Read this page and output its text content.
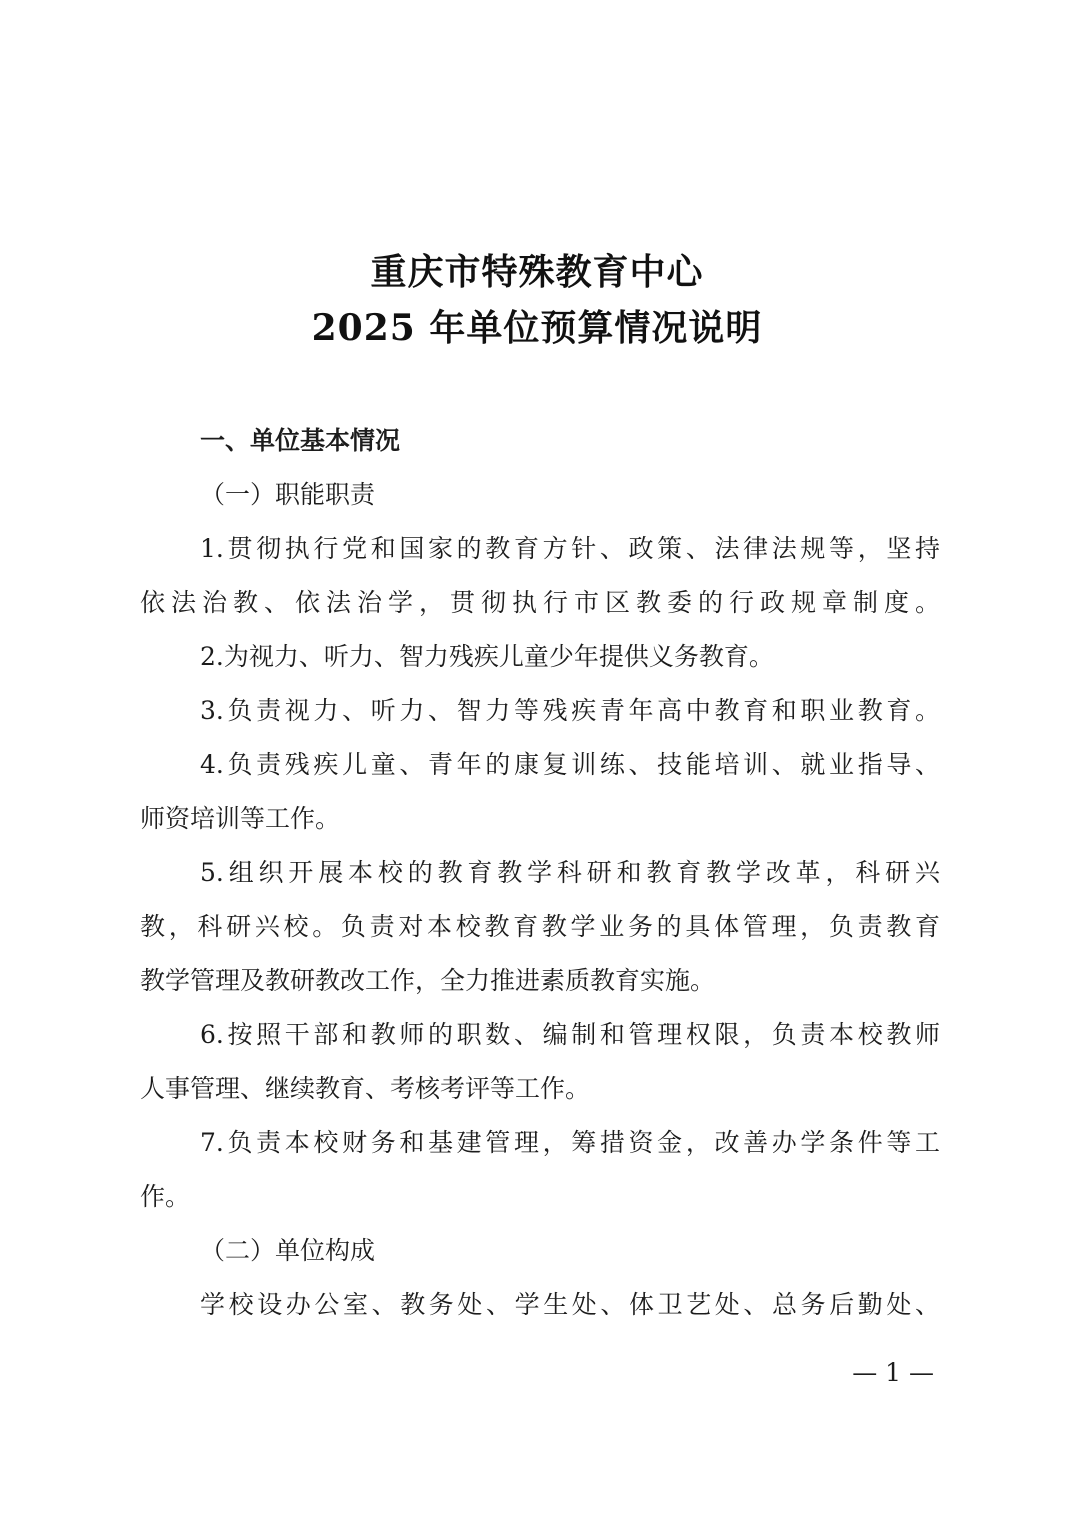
重庆市特殊教育中心
2025 年单位预算情况说明
一、单位基本情况
（一）职能职责
1.贯彻执行党和国家的教育方针、政策、法律法规等，坚持
依法治教、依法治学，贯彻执行市区教委的行政规章制度。
2.为视力、听力、智力残疾儿童少年提供义务教育。
3.负责视力、听力、智力等残疾青年高中教育和职业教育。
4.负责残疾儿童、青年的康复训练、技能培训、就业指导、
师资培训等工作。
5.组织开展本校的教育教学科研和教育教学改革，科研兴
教，科研兴校。负责对本校教育教学业务的具体管理，负责教育
教学管理及教研教改工作，全力推进素质教育实施。
6.按照干部和教师的职数、编制和管理权限，负责本校教师
人事管理、继续教育、考核考评等工作。
7.负责本校财务和基建管理，筹措资金，改善办学条件等工
作。
（二）单位构成
学校设办公室、教务处、学生处、体卫艺处、总务后勤处、
— 1 —
